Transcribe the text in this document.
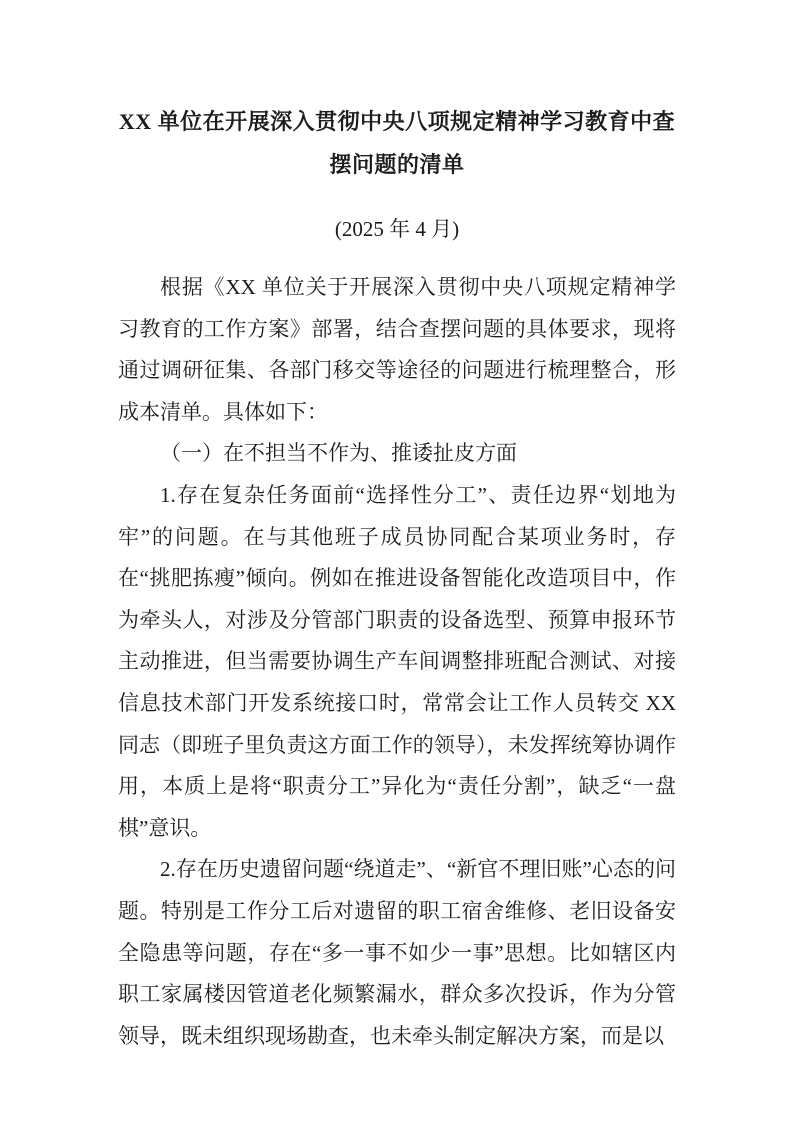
XX 单位在开展深入贯彻中央八项规定精神学习教育中查摆问题的清单
(2025 年 4 月)

根据《XX 单位关于开展深入贯彻中央八项规定精神学习教育的工作方案》部署，结合查摆问题的具体要求，现将通过调研征集、各部门移交等途径的问题进行梳理整合，形成本清单。具体如下：

（一）在不担当不作为、推诿扯皮方面

1.存在复杂任务面前“选择性分工”、责任边界“划地为牢”的问题。在与其他班子成员协同配合某项业务时，存在“挑肥拣瘦”倾向。例如在推进设备智能化改造项目中，作为牵头人，对涉及分管部门职责的设备选型、预算申报环节主动推进，但当需要协调生产车间调整排班配合测试、对接信息技术部门开发系统接口时，常常会让工作人员转交 XX 同志（即班子里负责这方面工作的领导），未发挥统筹协调作用，本质上是将“职责分工”异化为“责任分割”，缺乏“一盘棋”意识。

2.存在历史遗留问题“绕道走”、“新官不理旧账”心态的问题。特别是工作分工后对遗留的职工宿舍维修、老旧设备安全隐患等问题，存在“多一事不如少一事”思想。比如辖区内职工家属楼因管道老化频繁漏水，群众多次投诉，作为分管领导，既未组织现场勘查，也未牵头制定解决方案，而是以
